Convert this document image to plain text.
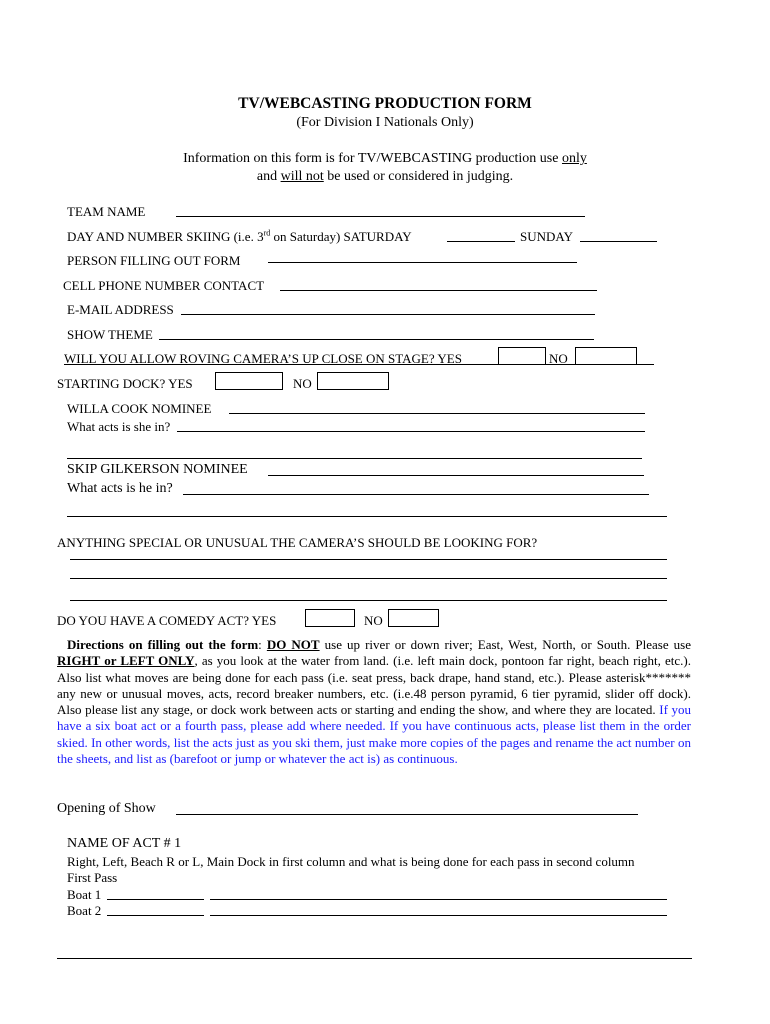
TV/WEBCASTING PRODUCTION FORM
(For Division I Nationals Only)
Information on this form is for TV/WEBCASTING production use only
and will not be used or considered in judging.
TEAM NAME
DAY AND NUMBER SKIING (i.e. 3rd on Saturday) SATURDAY	SUNDAY
PERSON FILLING OUT FORM
CELL PHONE NUMBER CONTACT
E-MAIL ADDRESS
SHOW THEME
WILL YOU ALLOW ROVING CAMERA’S UP CLOSE ON STAGE? YES	NO
STARTING DOCK? YES	NO
WILLA COOK NOMINEE
What acts is she in?
SKIP GILKERSON NOMINEE
What acts is he in?
ANYTHING SPECIAL OR UNUSUAL THE CAMERA’S SHOULD BE LOOKING FOR?
DO YOU HAVE A COMEDY ACT? YES	NO
Directions on filling out the form: DO NOT use up river or down river; East, West, North, or South. Please use RIGHT or LEFT ONLY, as you look at the water from land. (i.e. left main dock, pontoon far right, beach right, etc.). Also list what moves are being done for each pass (i.e. seat press, back drape, hand stand, etc.). Please asterisk******* any new or unusual moves, acts, record breaker numbers, etc. (i.e.48 person pyramid, 6 tier pyramid, slider off dock). Also please list any stage, or dock work between acts or starting and ending the show, and where they are located. If you have a six boat act or a fourth pass, please add where needed. If you have continuous acts, please list them in the order skied. In other words, list the acts just as you ski them, just make more copies of the pages and rename the act number on the sheets, and list as (barefoot or jump or whatever the act is) as continuous.
Opening of Show
NAME OF ACT # 1
Right, Left, Beach R or L, Main Dock in first column and what is being done for each pass in second column
First Pass
Boat 1
Boat 2
